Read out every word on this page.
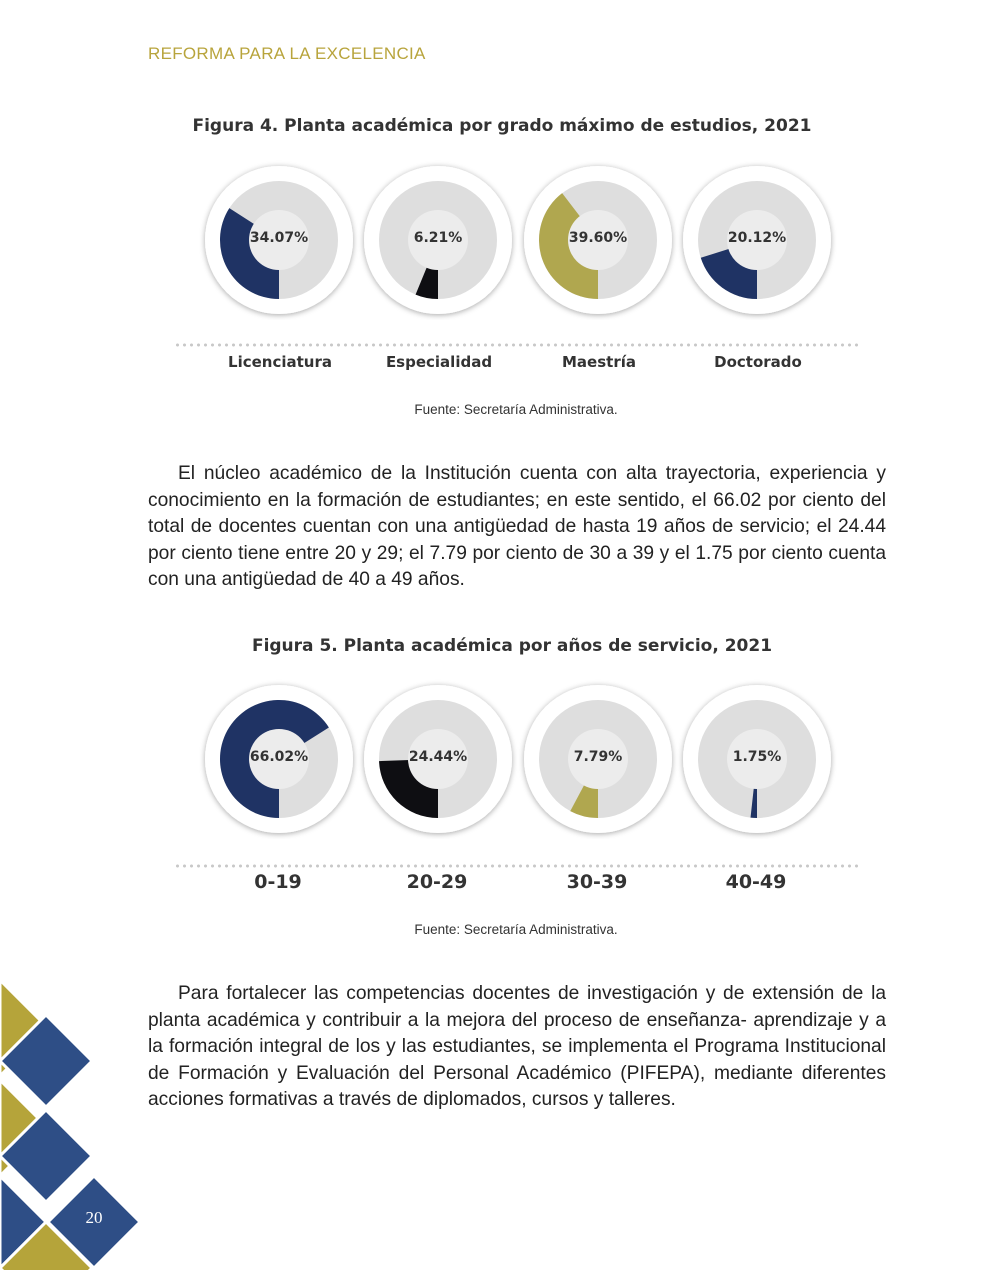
REFORMA PARA LA EXCELENCIA
Figura 4. Planta académica por grado máximo de estudios, 2021
34.07%	6.21%	39.60%	20.12%
Licenciatura	Especialidad	Maestría	Doctorado
Fuente: Secretaría Administrativa.

El núcleo académico de la Institución cuenta con alta trayectoria, experiencia y conocimiento en la formación de estudiantes; en este sentido, el 66.02 por ciento del total de docentes cuentan con una antigüedad de hasta 19 años de servicio; el 24.44 por ciento tiene entre 20 y 29; el 7.79 por ciento de 30 a 39 y el 1.75 por ciento cuenta con una antigüedad de 40 a 49 años.

Figura 5. Planta académica por años de servicio, 2021
66.02%	24.44%	7.79%	1.75%
0-19	20-29	30-39	40-49
Fuente: Secretaría Administrativa.

Para fortalecer las competencias docentes de investigación y de extensión de la planta académica y contribuir a la mejora del proceso de enseñanza- aprendizaje y a la formación integral de los y las estudiantes, se implementa el Programa Institucional de Formación y Evaluación del Personal Académico (PIFEPA), mediante diferentes acciones formativas a través de diplomados, cursos y talleres.

20
